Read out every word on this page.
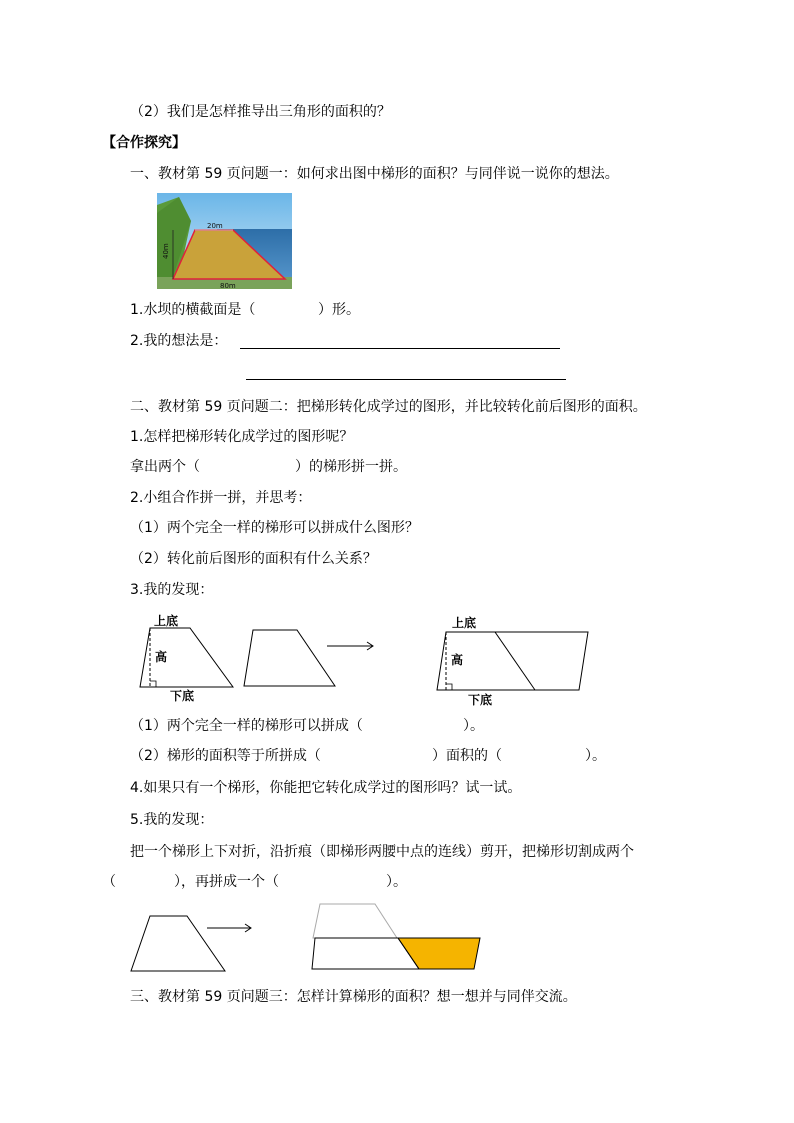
（2）我们是怎样推导出三角形的面积的？
【合作探究】
一、教材第 59 页问题一：如何求出图中梯形的面积？与同伴说一说你的想法。
20m
40m
80m
1.水坝的横截面是（	）形。
2.我的想法是：
二、教材第 59 页问题二：把梯形转化成学过的图形，并比较转化前后图形的面积。
1.怎样把梯形转化成学过的图形呢？
拿出两个（	）的梯形拼一拼。
2.小组合作拼一拼，并思考：
（1）两个完全一样的梯形可以拼成什么图形？
（2）转化前后图形的面积有什么关系？
3.我的发现：
上底
高
下底
上底
高
下底
（1）两个完全一样的梯形可以拼成（	）。
（2）梯形的面积等于所拼成（	）面积的（	）。
4.如果只有一个梯形，你能把它转化成学过的图形吗？试一试。
5.我的发现：
把一个梯形上下对折，沿折痕（即梯形两腰中点的连线）剪开，把梯形切割成两个
（	），再拼成一个（	）。
三、教材第 59 页问题三：怎样计算梯形的面积？想一想并与同伴交流。
